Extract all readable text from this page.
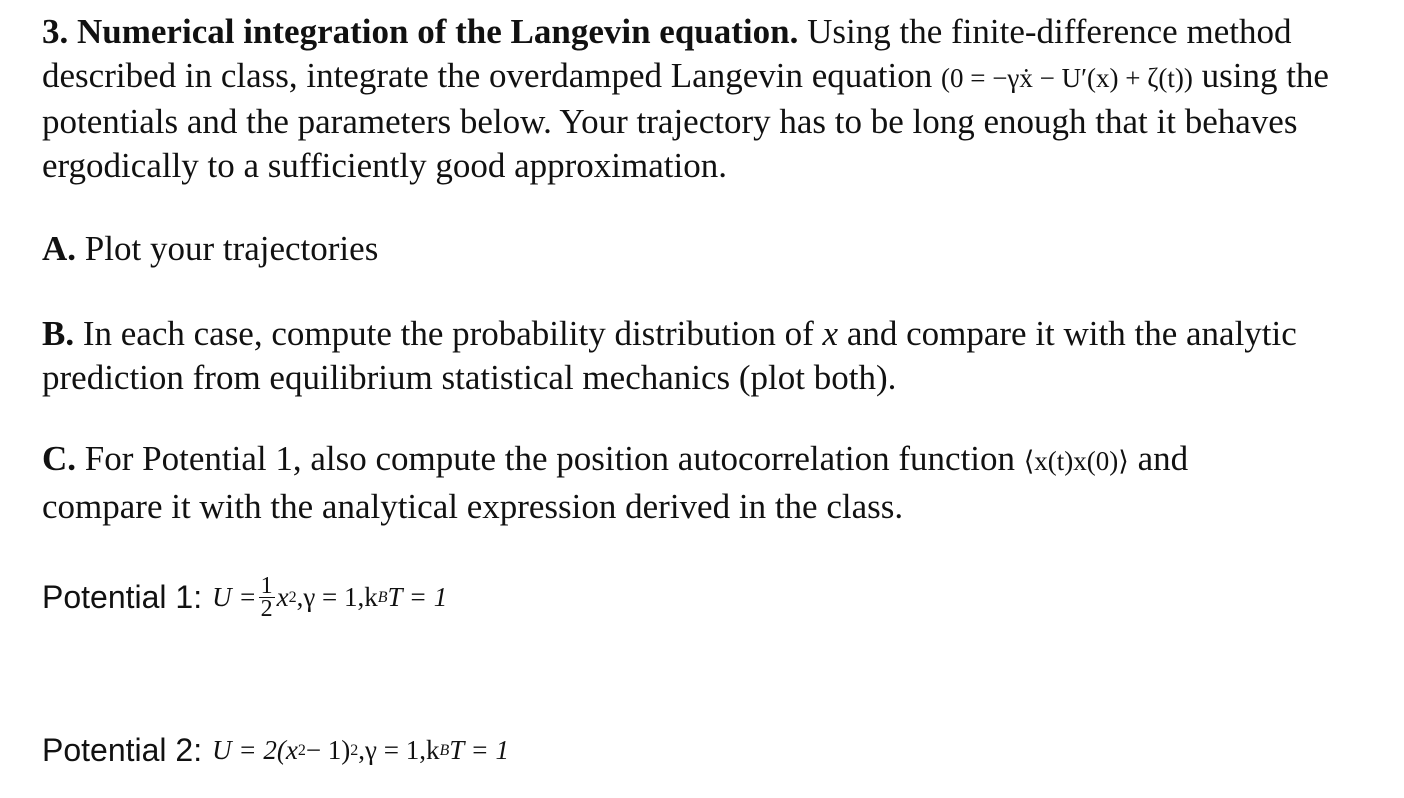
3. Numerical integration of the Langevin equation. Using the finite-difference method described in class, integrate the overdamped Langevin equation (0 = −γẋ − U′(x) + ζ(t)) using the potentials and the parameters below. Your trajectory has to be long enough that it behaves ergodically to a sufficiently good approximation.

A. Plot your trajectories

B. In each case, compute the probability distribution of x and compare it with the analytic prediction from equilibrium statistical mechanics (plot both).

C. For Potential 1, also compute the position autocorrelation function ⟨x(t)x(0)⟩ and
compare it with the analytical expression derived in the class.

Potential 1: $U = \frac{1}{2}$ x 2 ,γ = 1,k B T = 1
Potential 2: U = 2(x 2 − 1) 2 ,γ = 1,k B T = 1
